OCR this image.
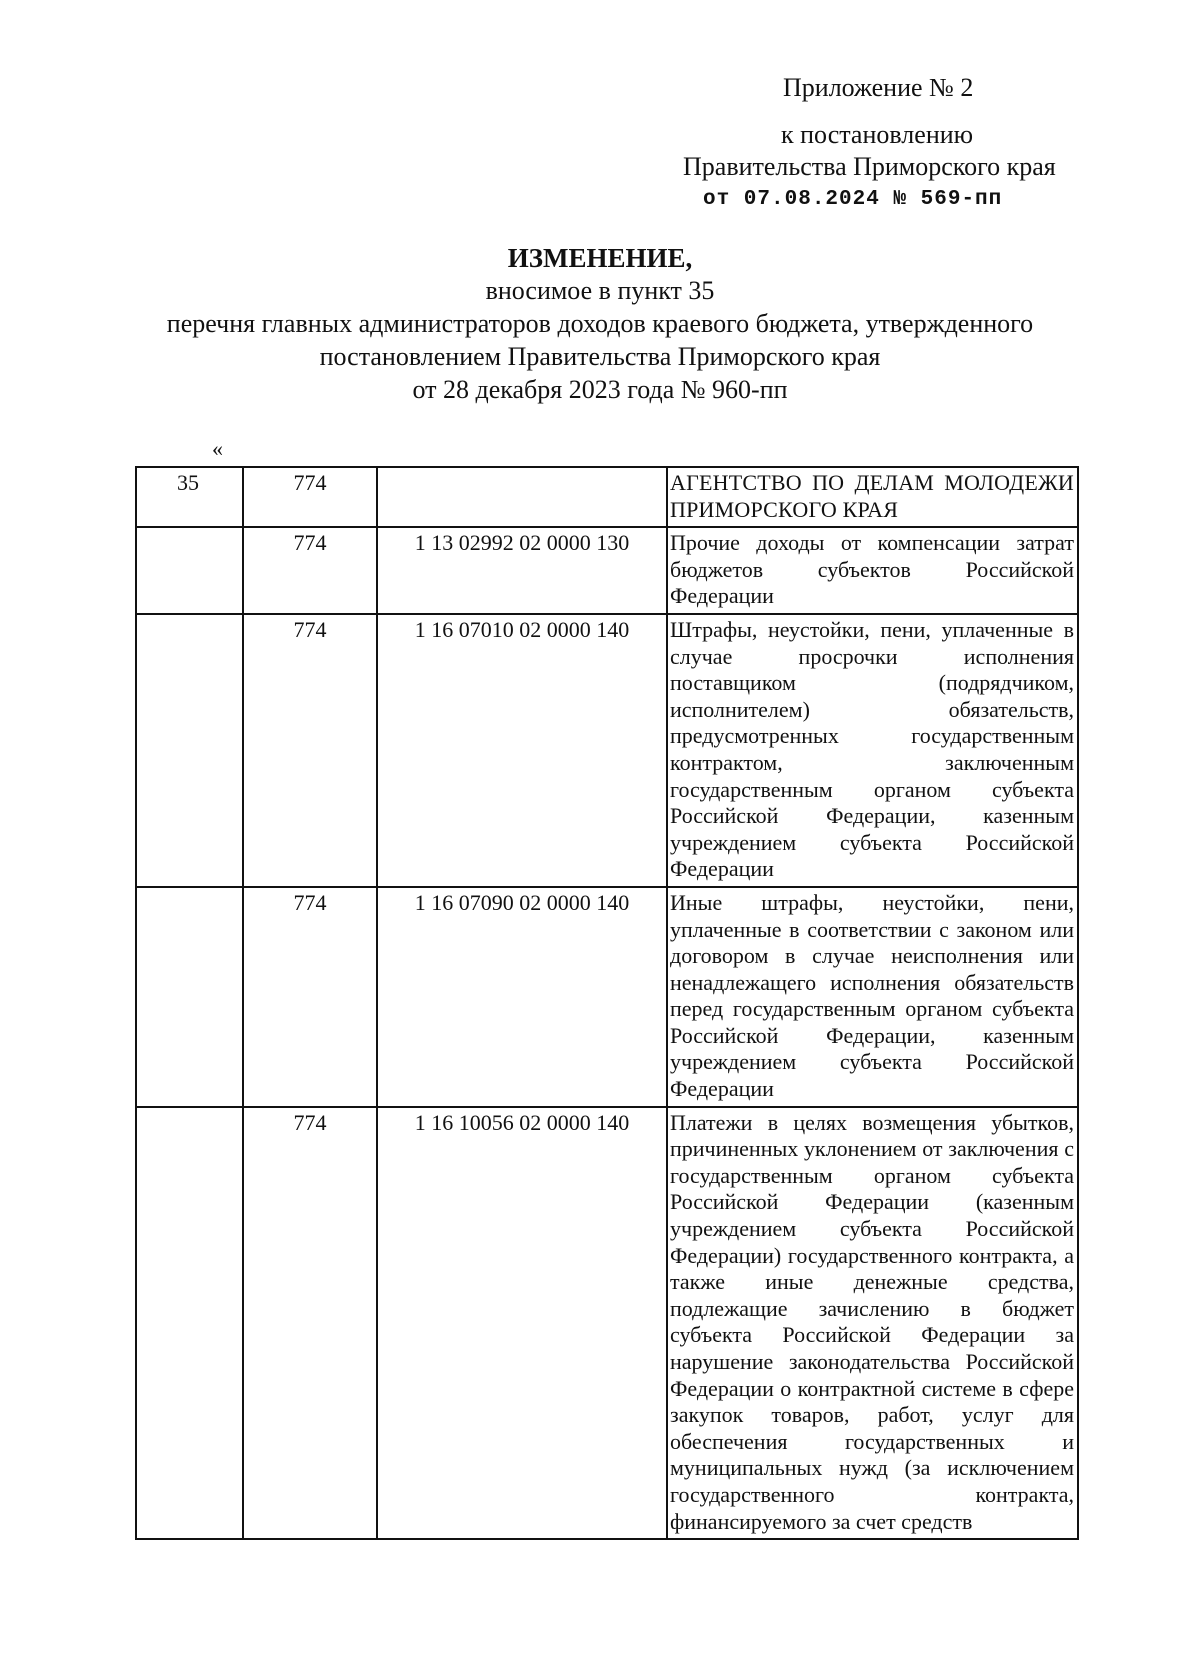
Приложение № 2
к постановлению
Правительства Приморского края
от 07.08.2024 № 569-пп
ИЗМЕНЕНИЕ,
вносимое в пункт 35
перечня главных администраторов доходов краевого бюджета, утвержденного
постановлением Правительства Приморского края
от 28 декабря 2023 года № 960-пп
«
35	774		АГЕНТСТВО ПО ДЕЛАМ МОЛОДЕЖИ ПРИМОРСКОГО КРАЯ
	774	1 13 02992 02 0000 130	Прочие доходы от компенсации затрат бюджетов субъектов Российской Федерации
	774	1 16 07010 02 0000 140	Штрафы, неустойки, пени, уплаченные в случае просрочки исполнения поставщиком (подрядчиком, исполнителем) обязательств, предусмотренных государственным контрактом, заключенным государственным органом субъекта Российской Федерации, казенным учреждением субъекта Российской Федерации
	774	1 16 07090 02 0000 140	Иные штрафы, неустойки, пени, уплаченные в соответствии с законом или договором в случае неисполнения или ненадлежащего исполнения обязательств перед государственным органом субъекта Российской Федерации, казенным учреждением субъекта Российской Федерации
	774	1 16 10056 02 0000 140	Платежи в целях возмещения убытков, причиненных уклонением от заключения с государственным органом субъекта Российской Федерации (казенным учреждением субъекта Российской Федерации) государственного контракта, а также иные денежные средства, подлежащие зачислению в бюджет субъекта Российской Федерации за нарушение законодательства Российской Федерации о контрактной системе в сфере закупок товаров, работ, услуг для обеспечения государственных и муниципальных нужд (за исключением государственного контракта, финансируемого за счет средств
